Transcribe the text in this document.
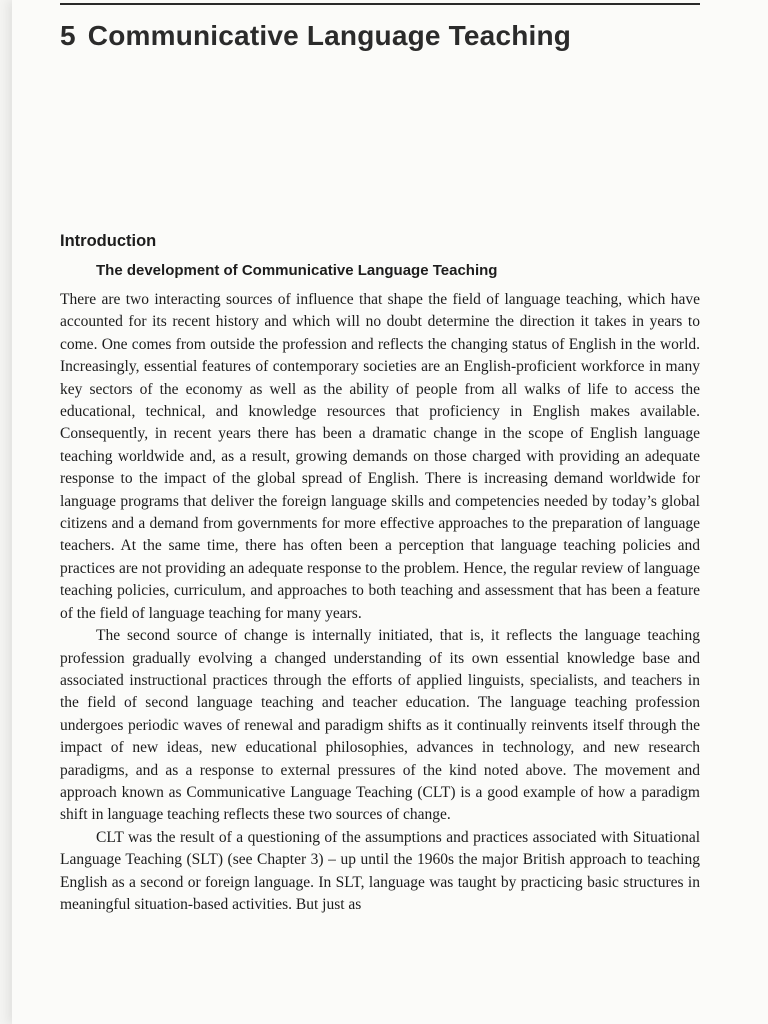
5 Communicative Language Teaching
Introduction
The development of Communicative Language Teaching

There are two interacting sources of influence that shape the field of language teaching, which have accounted for its recent history and which will no doubt determine the direction it takes in years to come. One comes from outside the profession and reflects the changing status of English in the world. Increasingly, essential features of contemporary societies are an English-proficient workforce in many key sectors of the economy as well as the ability of people from all walks of life to access the educational, technical, and knowledge resources that proficiency in English makes available. Consequently, in recent years there has been a dramatic change in the scope of English language teaching worldwide and, as a result, growing demands on those charged with providing an adequate response to the impact of the global spread of English. There is increasing demand worldwide for language programs that deliver the foreign language skills and competencies needed by today’s global citizens and a demand from governments for more effective approaches to the preparation of language teachers. At the same time, there has often been a perception that language teaching policies and practices are not providing an adequate response to the problem. Hence, the regular review of language teaching policies, curriculum, and approaches to both teaching and assessment that has been a feature of the field of language teaching for many years.

The second source of change is internally initiated, that is, it reflects the language teaching profession gradually evolving a changed understanding of its own essential knowledge base and associated instructional practices through the efforts of applied linguists, specialists, and teachers in the field of second language teaching and teacher education. The language teaching profession undergoes periodic waves of renewal and paradigm shifts as it continually reinvents itself through the impact of new ideas, new educational philosophies, advances in technology, and new research paradigms, and as a response to external pressures of the kind noted above. The movement and approach known as Communicative Language Teaching (CLT) is a good example of how a paradigm shift in language teaching reflects these two sources of change.

CLT was the result of a questioning of the assumptions and practices associated with Situational Language Teaching (SLT) (see Chapter 3) – up until the 1960s the major British approach to teaching English as a second or foreign language. In SLT, language was taught by practicing basic structures in meaningful situation-based activities. But just as
